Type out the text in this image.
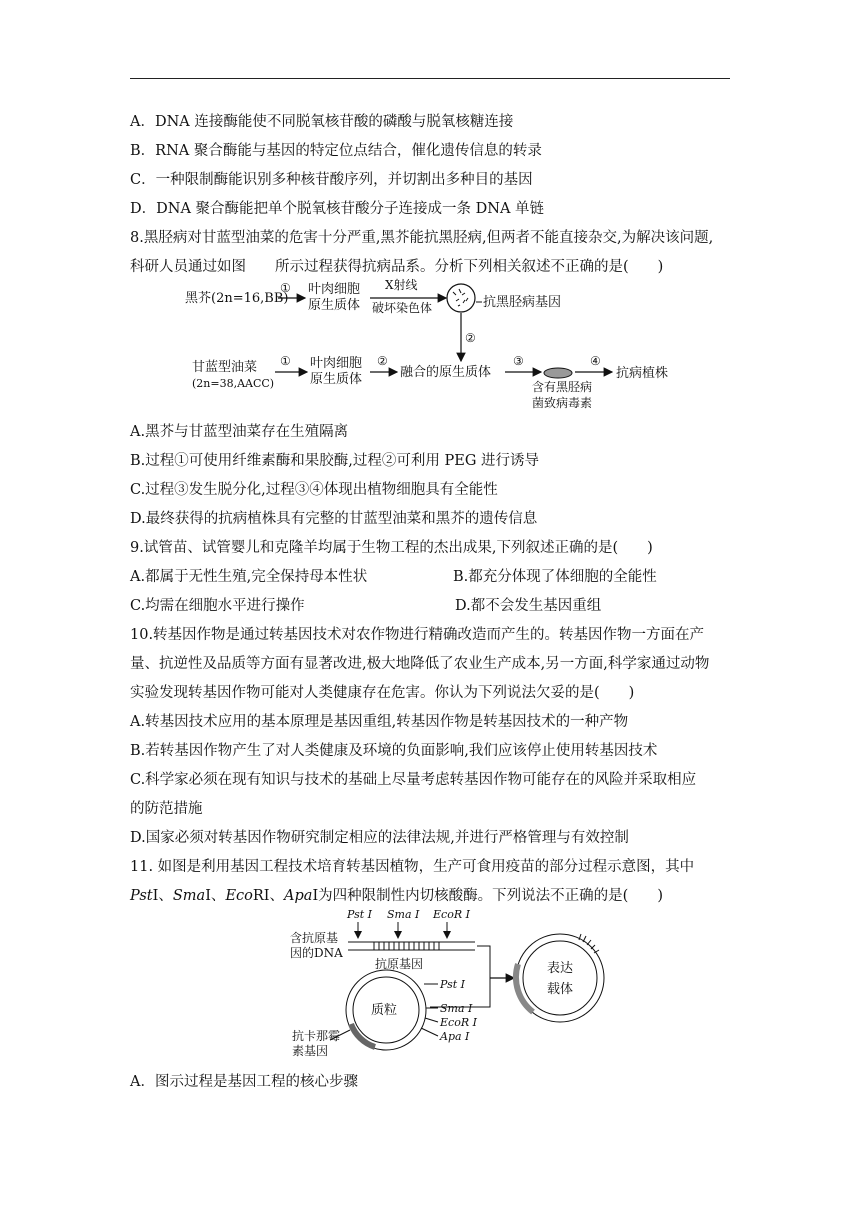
A．DNA 连接酶能使不同脱氧核苷酸的磷酸与脱氧核糖连接
B．RNA 聚合酶能与基因的特定位点结合，催化遗传信息的转录
C．一种限制酶能识别多种核苷酸序列，并切割出多种目的基因
D．DNA 聚合酶能把单个脱氧核苷酸分子连接成一条 DNA 单链
8.黑胫病对甘蓝型油菜的危害十分严重,黑芥能抗黑胫病,但两者不能直接杂交,为解决该问题,
科研人员通过如图　　所示过程获得抗病品系。分析下列相关叙述不正确的是(　　)
黑芥(2n=16,BB)
① 叶肉细胞
原生质体
X射线
破坏染色体	抗黑胫病基因
②
甘蓝型油菜
(2n=38,AACC)
① 叶肉细胞
原生质体
②
融合的原生质体
③
含有黑胫病
菌致病毒素
④
抗病植株
A.黑芥与甘蓝型油菜存在生殖隔离
B.过程①可使用纤维素酶和果胶酶,过程②可利用 PEG 进行诱导
C.过程③发生脱分化,过程③④体现出植物细胞具有全能性
D.最终获得的抗病植株具有完整的甘蓝型油菜和黑芥的遗传信息
9.试管苗、试管婴儿和克隆羊均属于生物工程的杰出成果,下列叙述正确的是(　　)
A.都属于无性生殖,完全保持母本性状	B.都充分体现了体细胞的全能性
C.均需在细胞水平进行操作	D.都不会发生基因重组
10.转基因作物是通过转基因技术对农作物进行精确改造而产生的。转基因作物一方面在产
量、抗逆性及品质等方面有显著改进,极大地降低了农业生产成本,另一方面,科学家通过动物
实验发现转基因作物可能对人类健康存在危害。你认为下列说法欠妥的是(　　)
A.转基因技术应用的基本原理是基因重组,转基因作物是转基因技术的一种产物
B.若转基因作物产生了对人类健康及环境的负面影响,我们应该停止使用转基因技术
C.科学家必须在现有知识与技术的基础上尽量考虑转基因作物可能存在的风险并采取相应
的防范措施
D.国家必须对转基因作物研究制定相应的法律法规,并进行严格管理与有效控制
11. 如图是利用基因工程技术培育转基因植物，生产可食用疫苗的部分过程示意图，其中
PstI、SmaI、EcoRI、ApaI为四种限制性内切核酸酶。下列说法不正确的是(　　)
Pst Ⅰ Sma Ⅰ EcoR Ⅰ
含抗原基
因的DNA
抗原基因
质粒
Pst Ⅰ
Sma Ⅰ
EcoR Ⅰ
Apa Ⅰ
抗卡那霉
素基因
表达
载体
A．图示过程是基因工程的核心步骤
